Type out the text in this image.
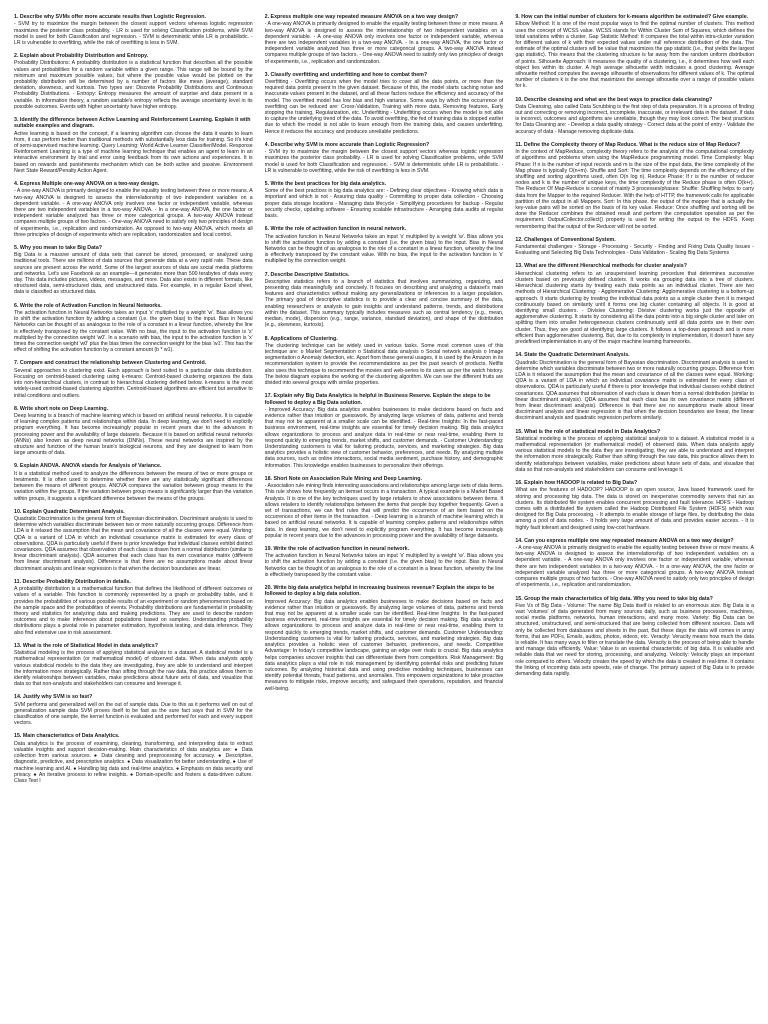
1. Describe why SVMs offer more accurate results than Logistic Regression.

- SVM try to maximize the margin between the closest support vectors whereas logistic regression maximizes the posterior class probability. - LR is used for solving Classification problems, while SVM model is used for both Classification and regression. - SVM is deterministic while LR is probabilistic. - LR is vulnerable to overfitting, while the risk of overfitting is less in SVM.

2. Explain about Probability Distribution and Entropy.

Probability Distributions: A probability distribution is a statistical function that describes all the possible values and probabilities for a random variable within a given range. This range will be bound by the minimum and maximum possible values, but where the possible value would be plotted on the probability distribution will be determined by a number of factors like mean (average), standard deviation, skewness, and kurtosis. Two types are: Discrete Probability Distributions and Continuous Probability Distributions. - Entropy: Entropy measures the amount of surprise and data present in a variable. In information theory, a random variable's entropy reflects the average uncertainty level in its possible outcomes. Events with higher uncertainty have higher entropy.

3. Identify the difference between Active Learning and Reinforcement Learning. Explain it with suitable examples and diagram.

Active learning is based on the concept, if a learning algorithm can choose the data it wants to learn from, it can perform better than traditional methods with substantially less data for training. So it's kind of semi-supervised machine learning. Query Learning: World Active Learner Classifier/Model. Response Reinforcement Learning is a type of machine learning technique that enables an agent to learn in an interactive environment by trial and error using feedback from its own actions and experiences. It is based on rewards and punishments mechanism which can be both active and passive. Environment Next State Reward/Penalty Action Agent.

4. Express Multiple one-way ANOVA on a two-way design.

- A one-way ANOVA is primarily designed to enable the equality testing between three or more means. A two-way ANOVA is designed to assess the interrelationship of two independent variables on a dependent variable. - A one-way ANOVA only involves one factor or independent variable, whereas there are two independent variables in a two-way ANOVA. - In a one-way ANOVA, the one factor or independent variable analyzed has three or more categorical groups. A two-way ANOVA instead compares multiple groups of two factors. - One-way ANOVA need to satisfy only two principles of design of experiments, i.e., replication and randomization. As opposed to two-way ANOVA, which meets all three principles of design of experiments which are replication, randomization and local control.

5. Why you mean to take Big Data?

Big Data is a massive amount of data sets that cannot be stored, processed, or analyzed using traditional tools. There are millions of data sources that generate data at a very rapid rate. These data sources are present across the world. Some of the largest sources of data are social media platforms and networks. Let's use Facebook as an example—it generates more than 500 terabytes of data every day. This data includes pictures, videos, messages, and more. Data also exists in different formats, like structured data, semi-structured data, and unstructured data. For example, in a regular Excel sheet, data is classified as structured data.

6. Write the role of Activation Function in Neural Networks.

The activation function in Neural Networks takes an input 'x' multiplied by a weight 'w'. Bias allows you to shift the activation function by adding a constant (i.e. the given bias) to the input. Bias in Neural Networks can be thought of as analogous to the role of a constant in a linear function, whereby the line is effectively transposed by the constant value. With no bias, the input to the activation function is 'x' multiplied by the connection weight 'w0'. In a scenario with bias, the input to the activation function is 'x' times the connection weight 'w0' plus the bias times the connection weight for the bias 'w1'. This has the effect of shifting the activation function by a constant amount (b * w1).

7. Compare and construct the relationship between Clustering and Centroid.

Several approaches to clustering exist. Each approach is best suited to a particular data distribution. Focusing on centroid-based clustering using k-means: Centroid-based clustering organizes the data into non-hierarchical clusters, in contrast to hierarchical clustering defined below. k-means is the most widely-used centroid-based clustering algorithm. Centroid-based algorithms are efficient but sensitive to initial conditions and outliers.

8. Write short note on Deep Learning.

Deep learning is a branch of machine learning which is based on artificial neural networks. It is capable of learning complex patterns and relationships within data. In deep learning, we don't need to explicitly program everything. It has become increasingly popular in recent years due to the advances in processing power and the availability of large datasets. Because it is based on artificial neural networks (ANNs) also known as deep neural networks (DNNs). These neural networks are inspired by the structure and function of the human brain's biological neurons, and they are designed to learn from large amounts of data.

9. Explain ANOVA. ANOVA stands for Analysis of Variance.

It is a statistical method used to analyze the differences between the means of two or more groups or treatments. It is often used to determine whether there are any statistically significant differences between the means of different groups. ANOVA compares the variation between group means to the variation within the groups. If the variation between group means is significantly larger than the variation within groups, it suggests a significant difference between the means of the groups.

10. Explain Quadratic Determinant Analysis.

Quadratic Discrimination is the general form of Bayesian discrimination. Discriminant analysis is used to determine which variables discriminate between two or more naturally occurring groups. Difference from LDA is it relaxed the assumption that the mean and covariance of all the classes were equal. Working: QDA is a variant of LDA in which an individual covariance matrix is estimated for every class of observations. QDA is particularly useful if there is prior knowledge that individual classes exhibit distinct covariances. QDA assumes that observation of each class is drawn from a normal distribution (similar to linear discriminant analysis). QDA assumes that each class has its own covariance matrix (different from linear discriminant analysis). Difference is that there are no assumptions made about linear discriminant analysis and linear regression is that when the decision boundaries are linear.

11. Describe Probability Distribution in details.

A probability distribution is a mathematical function that defines the likelihood of different outcomes or values of a variable. This function is commonly represented by a graph or probability table, and it provides the probabilities of various possible results of an experiment or random phenomenon based on the sample space and the probabilities of events. Probability distributions are fundamental in probability theory and statistics for analyzing data and making predictions. They are used to describe random outcomes and to make inferences about populations based on samples. Understanding probability distributions plays a pivotal role in parameter estimation, hypothesis testing, and data inference. They also find extensive use in risk assessment.

13. What is the role of Statistical Model in data analytics?

Statistical modeling is the process of applying statistical analysis to a dataset. A statistical model is a mathematical representation (or mathematical model) of observed data. When data analysts apply various statistical models to the data they are investigating, they are able to understand and interpret the information more strategically. Rather than sifting through the raw data, this practice allows them to identify relationships between variables, make predictions about future sets of data, and visualize that data so that non-analysts and stakeholders can consume and leverage it.

14. Justify why SVM is so fast?

SVM performs and generalized well on the out of sample data. Due to this as it performs well on out of generalization sample data SVM proves itself to be fast as the sure fact says that in SVM for the classification of one sample, the kernel function is evaluated and performed for each and every support vectors.

15. Main characteristics of Data Analytics.

Data analytics is the process of examining, cleaning, transforming, and interpreting data to extract valuable insights and support decision-making. Main characteristics of data analytics are: ● Data collection from various sources. ● Data cleaning and preprocessing for accuracy. ● Descriptive, diagnostic, predictive, and prescriptive analytics. ● Data visualization for better understanding. ● Use of machine learning and AI. ● Handling big data and real-time analytics. ● Emphasis on data security and privacy. ● An iterative process to refine insights. ● Domain-specific and fosters a data-driven culture. Class Test I

2. Express multiple one way repeated measure ANOVA on a two way design?

- A one-way ANOVA is primarily designed to enable the equality testing between three or more means. A two-way ANOVA is designed to assess the interrelationship of two independent variables on a dependent variable. - A one-way ANOVA only involves one factor or independent variable, whereas there are two independent variables in a two-way ANOVA. - In a one-way ANOVA, the one factor or independent variable analyzed has three or more categorical groups. A two-way ANOVA instead compares multiple groups of two factors. - One-way ANOVA need to satisfy only two principles of design of experiments, i.e., replication and randomization.

3. Classify overfitting and underfitting and how to combat them?

Overfitting - Overfitting occurs when the model tries to cover all the data points, or more than the required data points present in the given dataset. Because of this, the model starts caching noise and inaccurate values present in the dataset, and all these factors reduce the efficiency and accuracy of the model. The overfitted model has low bias and high variance. Some ways by which the occurrence of overfitting can be reduced are: Cross-Validation, Training with more data, Removing features, Early stopping the training, Regularization, etc. Underfitting - Underfitting occurs when the model is not able to capture the underlying trend of the data. To avoid overfitting, the fed of training data is stopped earlier due to which the model is not able to learn enough from the training data, and causes underfitting. Hence it reduces the accuracy and produces unreliable predictions.

4. Describe why SVM is more accurate than Logistic Regression?

- SVM try to maximize the margin between the closest support vectors whereas logistic regression maximizes the posterior class probability. - LR is used for solving Classification problems, while SVM model is used for both Classification and regression. - SVM is deterministic while LR is probabilistic. - LR is vulnerable to overfitting, while the risk of overfitting is less in SVM.

5. Write the best practices for big data analytics.

Some of the best practices in big data analytics are: - Defining clear objectives - Knowing which data is important and which is not - Assuring data quality - Committing to proper data collection - Choosing proper data storage locations - Managing data lifecycle - Simplifying procedures for backup - Regular security checks, updating software - Ensuring scalable infrastructure - Arranging data audits at regular basis.

6. Write the role of activation function in neural network.

The activation function in Neural Networks takes an input 'x' multiplied by a weight 'w'. Bias allows you to shift the activation function by adding a constant (i.e. the given bias) to the input. Bias in Neural Networks can be thought of as analogous to the role of a constant in a linear function, whereby the line is effectively transposed by the constant value. With no bias, the input to the activation function is 'x' multiplied by the connection weight.

7. Describe Descriptive Statistics.

Descriptive statistics refers to a branch of statistics that involves summarizing, organizing, and presenting data meaningfully and concisely. It focuses on describing and analyzing a dataset's main features and characteristics without making any generalizations or inferences to a larger population. The primary goal of descriptive statistics is to provide a clear and concise summary of the data, enabling researchers or analysts to gain insights and understand patterns, trends, and distributions within the dataset. This summary typically includes measures such as central tendency (e.g., mean, median, mode), dispersion (e.g., range, variance, standard deviation), and shape of the distribution (e.g., skewness, kurtosis).

8. Applications of Clustering.

The clustering technique can be widely used in various tasks. Some most common uses of this technique are: o Market Segmentation o Statistical data analysis o Social network analysis o Image segmentation o Anomaly detection, etc. Apart from these general usages, it is used by the Amazon in its recommendation system to provide the recommendations as per the past search of products. Netflix also uses this technique to recommend the movies and web-series to its users as per the watch history. The below diagram explains the working of the clustering algorithm. We can see the different fruits are divided into several groups with similar properties.

17. Explain why Big Data Analytics is helpful in Business Reserve. Explain the steps to be followed to deploy a Big Data solution.

- Improved Accuracy: Big data analytics enables businesses to make decisions based on facts and evidence rather than intuition or guesswork. By analyzing large volumes of data, patterns and trends that may not be apparent at a smaller scale can be identified. - Real-time Insights: In the fast-paced business environment, real-time insights are essential for timely decision making. Big data analytics allows organizations to process and analyze data in real-time or near real-time, enabling them to respond quickly to emerging trends, market shifts, and customer demands. - Customer Understanding: Understanding customers is vital for tailoring products, services, and marketing strategies. Big data analytics provides a holistic view of customer behavior, preferences, and needs. By analyzing multiple data sources, such as online interactions, social media sentiment, purchase history, and demographic information. This knowledge enables businesses to personalize their offerings.

18. Short Note on Association Rule Mining and Deep Learning.

- Association rule mining finds interesting associations and relationships among large sets of data items. This rule shows how frequently an itemset occurs in a transaction. A typical example is a Market Based Analysis. It is one of the key techniques used by large retailers to show associations between items. It allows retailers to identify relationships between the items that people buy together frequently. Given a set of transactions, we can find rules that will predict the occurrence of an item based on the occurrences of other items in the transaction. - Deep learning is a branch of machine learning which is based on artificial neural networks. It is capable of learning complex patterns and relationships within data. In deep learning, we don't need to explicitly program everything. It has become increasingly popular in recent years due to the advances in processing power and the availability of large datasets.

19. Write the role of activation function in neural network.

The activation function in Neural Networks takes an input 'x' multiplied by a weight 'w'. Bias allows you to shift the activation function by adding a constant (i.e. the given bias) to the input. Bias in Neural Networks can be thought of as analogous to the role of a constant in a linear function, whereby the line is effectively transposed by the constant value.

20. Write big data analytics helpful in increasing business revenue? Explain the steps to be followed to deploy a big data solution.

Improved Accuracy: Big data analytics enables businesses to make decisions based on facts and evidence rather than intuition or guesswork. By analyzing large volumes of data, patterns and trends that may not be apparent at a smaller scale can be identified. Real-time Insights: In the fast-paced business environment, real-time insights are essential for timely decision making. Big data analytics allows organizations to process and analyze data in real-time or near real-time, enabling them to respond quickly to emerging trends, market shifts, and customer demands. Customer Understanding: Understanding customers is vital for tailoring products, services, and marketing strategies. Big data analytics provides a holistic view of customer behavior, preferences, and needs. Competitive Advantage: In today's competitive landscape, gaining an edge over rivals is crucial. Big data analytics helps companies uncover insights that can differentiate them from competitors. Risk Management: Big data analytics plays a vital role in risk management by identifying potential risks and predicting future outcomes. By analyzing historical data and using predictive modeling techniques, businesses can identify potential threats, fraud patterns, and anomalies. This empowers organizations to take proactive measures to mitigate risks, improve security, and safeguard their operations, reputation, and financial well-being.

9. How can the initial number of clusters for k-means algorithm be estimated? Give example.

Elbow Method: It is one of the most popular ways to find the optimal number of clusters. This method uses the concept of WCSS value. WCSS stands for Within Cluster Sum of Squares, which defines the total variations within a cluster. Gap Statistic Method: It compares the total within intra-cluster variation for different values of k with their expected values under null reference distribution of the data. The estimate of the optimal clusters will be value that maximizes the gap statistic (i.e., that yields the largest gap statistic). This means that the clustering structure is far away from the random uniform distribution of points. Silhouette Approach: It measures the quality of a clustering, i.e., it determines how well each object lies within its cluster. A high average silhouette width indicates a good clustering. Average silhouette method computes the average silhouette of observations for different values of k. The optimal number of clusters k is the one that maximizes the average silhouette over a range of possible values for k.

10. Describe cleansing and what are the best ways to practice data cleansing?

Data Cleansing, also called Data Scrubbing is the first step of data preparation. It is a process of finding out and correcting or removing incorrect, incomplete, inaccurate, or irrelevant data in the dataset. If data is incorrect, outcomes and algorithms are unreliable, though they may look correct. The best practices for Data Cleaning are: - Develop a data quality strategy - Correct data at the point of entry - Validate the accuracy of data - Manage removing duplicate data.

11. Define the Complexity theory of Map Reduce. What is the reduce size of Map Reduce?

In the context of MapReduce, complexity theory refers to the analysis of the computational complexity of algorithms and problems when using the MapReduce programming model. Time Complexity: Map Phase: If n is the number of input records and m is the size of the input data, the time complexity of the Map phase is typically O(n+m). Shuffle and Sort: The time complexity depends on the efficiency of the shuffling and sorting algorithms used, often O(n log n). Reduce Phase: If r is the number of reducer nodes and k is the number of unique keys, the time complexity of the Reduce phase is often O(k+r). The Reducer Of Map-Reduce is consist of mainly 3 processes/phases: Shuffle: Shuffling helps to carry data from the Mapper to the required Reducer. With the help of HTTP, the framework calls for applicable partition of the output in all Mappers. Sort: In this phase, the output of the mapper that is actually the key-value pairs will be sorted on the basis of its key value. Reduce: Once shuffling and sorting will be done the Reducer combines the obtained result and perform the computation operation as per the requirement. OutputCollector.collect() property is used for writing the output to the HDFS. Keep remembering that the output of the Reducer will not be sorted.

12. Challenges of Conventional System.

Fundamental challenges - Storage - Processing - Security - Finding and Fixing Data Quality Issues - Evaluating and Selecting Big Data Technologies - Data Validation - Scaling Big Data Systems

13. What are the different Hierarchical methods for cluster analysis?

Hierarchical clustering refers to an unsupervised learning procedure that determines successive clusters based on previously defined clusters. It works via grouping data into a tree of clusters. Hierarchical clustering starts by treating each data points as an individual cluster. There are two methods of Hierarchical Clustering: - Agglomerative Clustering: Agglomerative clustering is a bottom-up approach. It starts clustering by treating the individual data points as a single cluster then it is merged continuously based on similarity until it forms one big cluster containing all objects. It is good at identifying small clusters. - Divisive Clustering: Divisive clustering works just the opposite of agglomerative clustering. It starts by considering all the data points into a big single cluster and later on splitting them into smaller heterogeneous clusters continuously until all data points are in their own cluster. Thus, they are good at identifying large clusters. It follows a top-down approach and is more efficient than agglomerative clustering. But, due to its complexity in implementation, it doesn't have any predefined implementation in any of the major machine learning frameworks.

14. State the Quadratic Determinant Analysis.

Quadratic Discrimination is the general form of Bayesian discrimination. Discriminant analysis is used to determine which variables discriminate between two or more naturally occurring groups. Difference from LDA is it relaxed the assumption that the mean and covariance of all the classes were equal. Working: QDA is a variant of LDA in which an individual covariance matrix is estimated for every class of observations. QDA is particularly useful if there is prior knowledge that individual classes exhibit distinct covariances. QDA assumes that observation of each class is drawn from a normal distribution (similar to linear discriminant analysis). QDA assumes that each class has its own covariance matrix (different from linear discriminant analysis). Difference is that there are no assumptions made about linear discriminant analysis and linear regression is that when the decision boundaries are linear, the linear discriminant analysis and quadratic regression perform similarly.

15. What is the role of statistical model in Data Analytics?

Statistical modeling is the process of applying statistical analysis to a dataset. A statistical model is a mathematical representation (or mathematical model) of observed data. When data analysts apply various statistical models to the data they are investigating, they are able to understand and interpret the information more strategically. Rather than sifting through the raw data, this practice allows them to identify relationships between variables, make predictions about future sets of data, and visualize that data so that non-analysts and stakeholders can consume and leverage it.

16. Explain how HADOOP is related to Big Data?

What are the features of HADOOP? HADOOP is an open source, Java based framework used for storing and processing big data. The data is stored on inexpensive commodity servers that run as clusters. Its distributed file system enables concurrent processing and fault tolerance. HDFS - Hadoop comes with a distributed file system called the Hadoop Distributed File System (HDFS) which was designed for Big Data processing. - It attempts to enable storage of large files, by distributing the data among a pool of data nodes. - It holds very large amount of data and provides easier access. - It is highly fault tolerant and designed using low-cost hardware.

14. Can you express multiple one way repeated measure ANOVA on a two way design?

- A one-way ANOVA is primarily designed to enable the equality testing between three or more means. A two-way ANOVA is designed to assess the interrelationship of two independent variables on a dependent variable. - A one-way ANOVA only involves one factor or independent variable, whereas there are two independent variables in a two-way ANOVA. - In a one-way ANOVA, the one factor or independent variable analyzed has three or more categorical groups. A two-way ANOVA instead compares multiple groups of two factors. - One-way ANOVA need to satisfy only two principles of design of experiments, i.e., replication and randomization.

15. Group the main characteristics of big data. Why you need to take big data?

Five Vs of Big Data - Volume: The name Big Data itself is related to an enormous size. Big Data is a vast 'volumes' of data generated from many sources daily, such as business processes, machines, social media platforms, networks, human interactions, and many more. Variety: Big Data can be structured, unstructured, and semi-structured that are being collected from different sources. Data will only be collected from databases and sheets in the past, But these days the data will comes in array forms, that are PDFs, Emails, audios, photos, videos, etc. Veracity: Veracity means how much the data is reliable. It has many ways to filter or translate the data. Veracity is the process of being able to handle and manage data efficiently. Value: Value is an essential characteristic of big data. It is valuable and reliable data that we need for storing, processing, and analyzing. Velocity: Velocity plays an important role compared to others. Velocity creates the speed by which the data is created in real-time. It contains the linking of incoming data sets speeds, rate of change. The primary aspect of Big Data is to provide demanding data rapidly.
